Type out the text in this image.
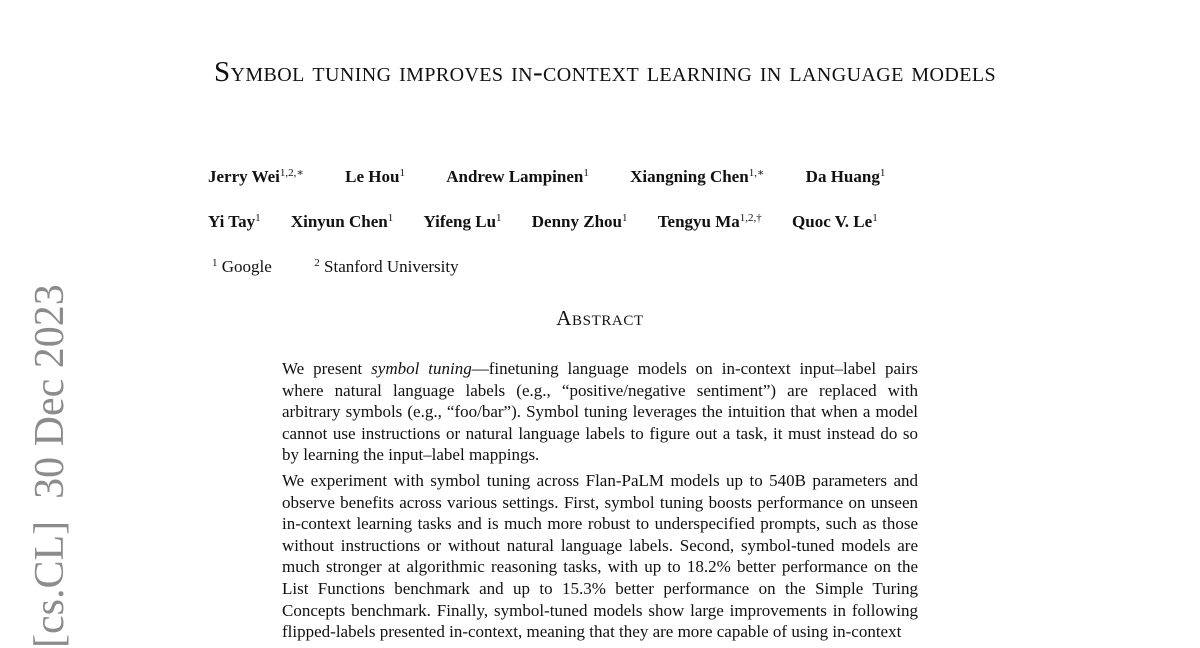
[cs.CL]30 Dec 2023
Symbol tuning improves in-context learning in language models
Jerry Wei$^{1,2,∗}$ Le Hou$^1$ Andrew Lampinen$^1$ Xiangning Chen$^{1,∗}$ Da Huang$^1$
Yi Tay$^1$ Xinyun Chen$^1$ Yifeng Lu$^1$ Denny Zhou$^1$ Tengyu $Ma^{1,2,\dagger}$ Quoc V. Le$^1$
$^1$ Google	$^2$ Stanford University
Abstract

We present symbol tuning—finetuning language models on in-context input–label pairs where natural language labels (e.g., “positive/negative sentiment”) are replaced with arbitrary symbols (e.g., “foo/bar”). Symbol tuning leverages the intuition that when a model cannot use instructions or natural language labels to figure out a task, it must instead do so by learning the input–label mappings.

We experiment with symbol tuning across Flan-PaLM models up to 540B parameters and observe benefits across various settings. First, symbol tuning boosts performance on unseen in-context learning tasks and is much more robust to underspecified prompts, such as those without instructions or without natural language labels. Second, symbol-tuned models are much stronger at algorithmic reasoning tasks, with up to 18.2% better performance on the List Functions benchmark and up to 15.3% better performance on the Simple Turing Concepts benchmark. Finally, symbol-tuned models show large improvements in following flipped-labels presented in-context, meaning that they are more capable of using in-context
